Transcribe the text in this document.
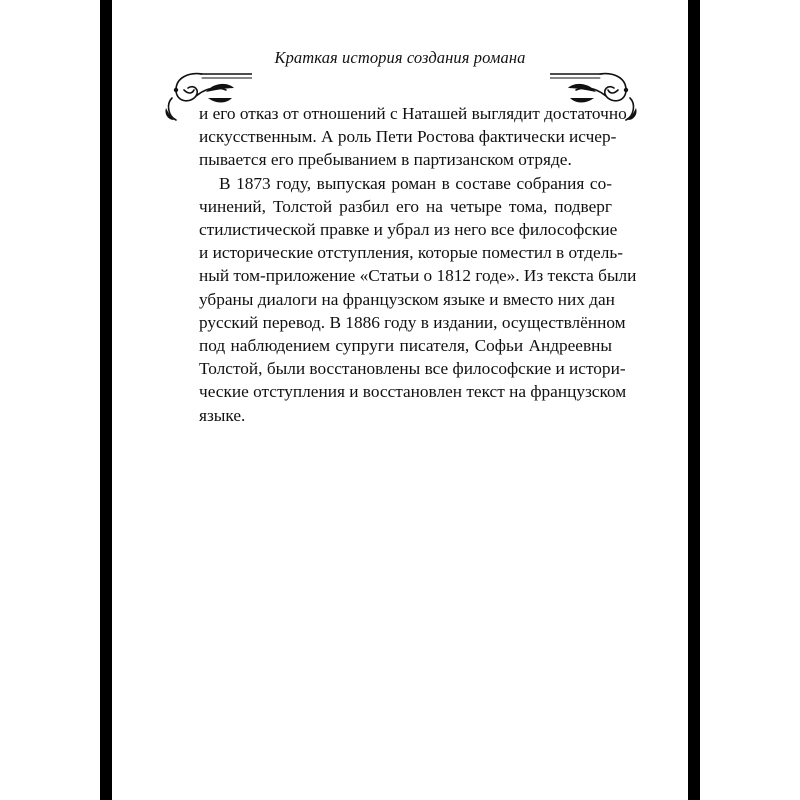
Краткая история создания романа
и его отказ от отношений с Наташей выглядит достаточно
искусственным. А роль Пети Ростова фактически исчер-
пывается его пребыванием в партизанском отряде.
В 1873 году, выпуская роман в составе собрания со-
чинений, Толстой разбил его на четыре тома, подверг
стилистической правке и убрал из него все философские
и исторические отступления, которые поместил в отдель-
ный том-приложение «Статьи о 1812 годе». Из текста были
убраны диалоги на французском языке и вместо них дан
русский перевод. В 1886 году в издании, осуществлённом
под наблюдением супруги писателя, Софьи Андреевны
Толстой, были восстановлены все философские и истори-
ческие отступления и восстановлен текст на французском
языке.
